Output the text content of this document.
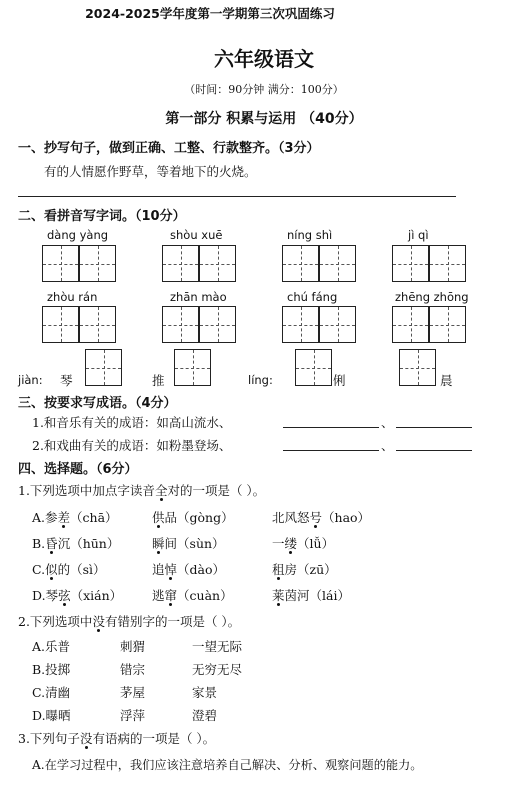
2024-2025学年度第一学期第三次巩固练习
六年级语文
（时间：90分钟 满分：100分）
第一部分 积累与运用 （40分）
一、抄写句子，做到正确、工整、行款整齐。（3分）
有的人情愿作野草，等着地下的火烧。
二、看拼音写字词。（10分）
dàng yàng	shòu xuē	níng shì	jì qì
zhòu rán	zhān mào	chú fáng	zhēng zhōng
jiàn: 琴	推	líng:	俐	晨
三、按要求写成语。（4分）
1.和音乐有关的成语：如高山流水、	、
2.和戏曲有关的成语：如粉墨登场、	、
四、选择题。（6分）
1.下列选项中加点字读音全对的一项是（ ）。
A.参差（chā）	供品（gòng）	北风怒号（hao）
B.昏沉（hūn）	瞬间（sùn）	一缕（lǚ）
C.似的（sì）	追悼（dào）	租房（zū）
D.琴弦（xián） 逃窜（cuàn）	莱茵河（lái）
2.下列选项中没有错别字的一项是（ ）。
A.乐普	刺猬	一望无际
B.投掷	错宗	无穷无尽
C.清幽	茅屋	家景
D.曝晒	浮萍	澄碧
3.下列句子没有语病的一项是（ ）。
A.在学习过程中，我们应该注意培养自己解决、分析、观察问题的能力。
